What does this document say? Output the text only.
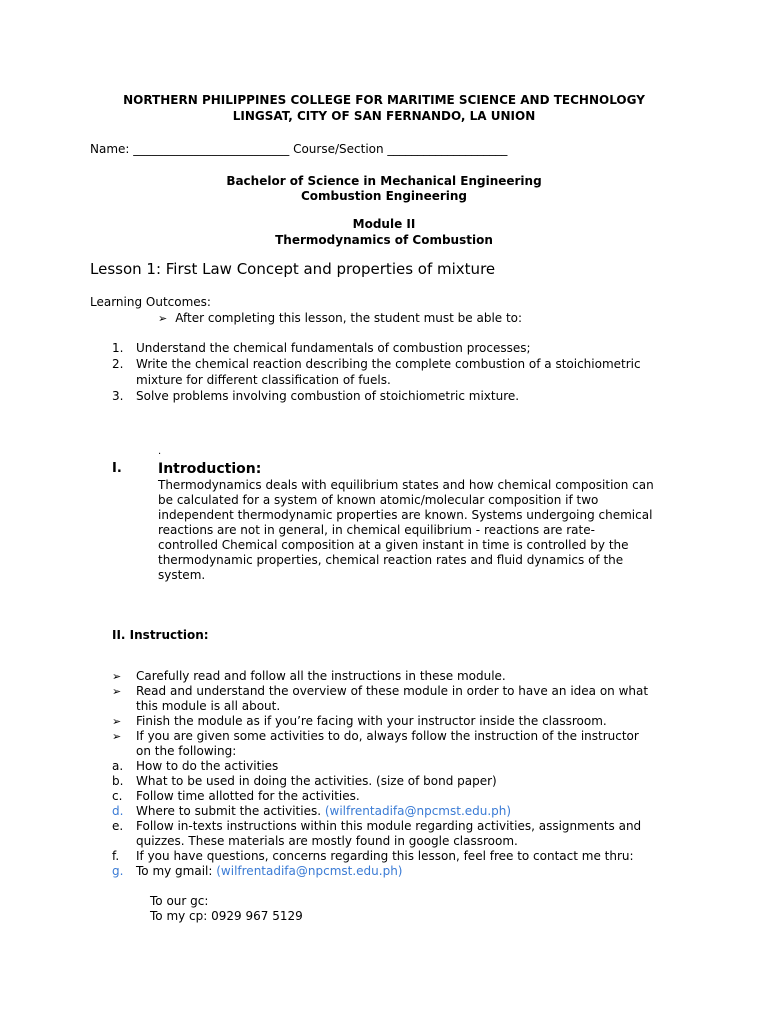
NORTHERN PHILIPPINES COLLEGE FOR MARITIME SCIENCE AND TECHNOLOGY
LINGSAT, CITY OF SAN FERNANDO, LA UNION
Name: __________________________ Course/Section ____________________
Bachelor of Science in Mechanical Engineering
Combustion Engineering
Module II
Thermodynamics of Combustion
Lesson 1: First Law Concept and properties of mixture
Learning Outcomes:
➢ After completing this lesson, the student must be able to:
1. Understand the chemical fundamentals of combustion processes;
2. Write the chemical reaction describing the complete combustion of a stoichiometric
mixture for different classification of fuels.
3. Solve problems involving combustion of stoichiometric mixture.
.
I.	Introduction:
Thermodynamics deals with equilibrium states and how chemical composition can
be calculated for a system of known atomic/molecular composition if two
independent thermodynamic properties are known. Systems undergoing chemical
reactions are not in general, in chemical equilibrium - reactions are rate-
controlled Chemical composition at a given instant in time is controlled by the
thermodynamic properties, chemical reaction rates and fluid dynamics of the
system.
II. Instruction:
➢ Carefully read and follow all the instructions in these module.
➢ Read and understand the overview of these module in order to have an idea on what
this module is all about.
➢ Finish the module as if you’re facing with your instructor inside the classroom.
➢ If you are given some activities to do, always follow the instruction of the instructor
on the following:
a. How to do the activities
b. What to be used in doing the activities. (size of bond paper)
c. Follow time allotted for the activities.
d. Where to submit the activities. (wilfrentadifa@npcmst.edu.ph)
e. Follow in-texts instructions within this module regarding activities, assignments and
quizzes. These materials are mostly found in google classroom.
f. If you have questions, concerns regarding this lesson, feel free to contact me thru:
g. To my gmail: (wilfrentadifa@npcmst.edu.ph)
To our gc:
To my cp: 0929 967 5129
